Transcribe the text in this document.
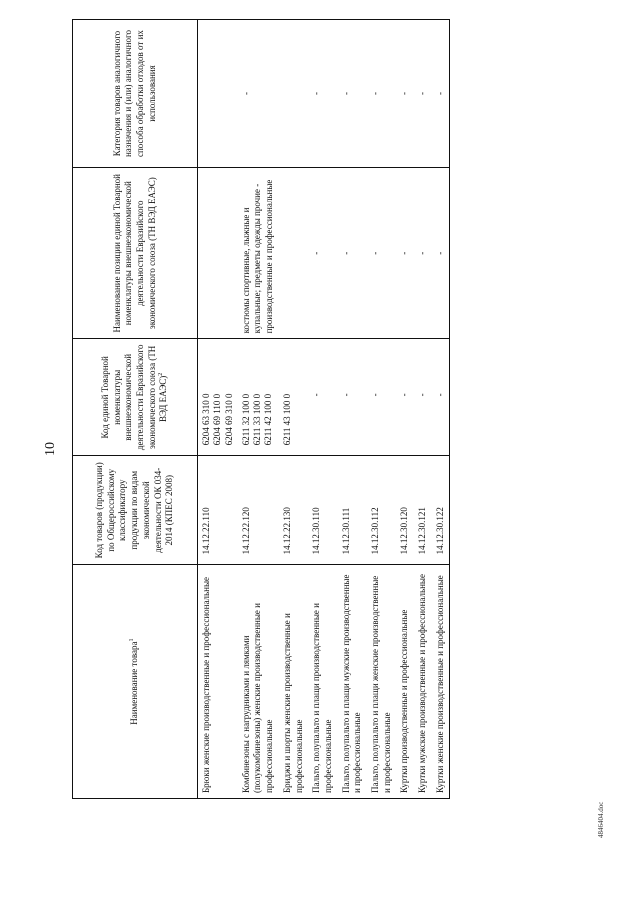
10
Наименование товара$^1$	Код товаров (продукции) по Общероссийскому классификатору продукции по видам экономической деятельности ОК 034-2014 (КПЕС 2008)	Код единой Товарной номенклатуры внешнеэкономической деятельности Евразийского экономического союза (ТН ВЭД ЕАЭС)$^2$	Наименование позиции единой Товарной номенклатуры внешнеэкономической деятельности Евразийского экономического союза (ТН ВЭД ЕАЭС)	Категория товаров аналогичного назначения и (или) аналогичного способа обработки отходов от их использования
Брюки женские производственные и профессиональные	14.12.22.110	6204 63 310 0 6204 69 110 0 6204 69 310 0		

Комбинезоны с нагрудниками и лямками (полукомбинезоны) женские производственные и профессиональные	14.12.22.120	6211 32 100 0 6211 33 100 0 6211 42 100 0	костюмы спортивные, лыжные и купальные; предметы одежды прочие - производственные и профессиональные	-
Бриджи и шорты женские производственные и профессиональные	14.12.22.130	6211 43 100 0		

Пальто, полупальто и плащи производственные и профессиональные	14.12.30.110	-	-	-
Пальто, полупальто и плащи мужские производственные и профессиональные	14.12.30.111	-	-	-
Пальто, полупальто и плащи женские производственные и профессиональные	14.12.30.112	-	-	-
Куртки производственные и профессиональные	14.12.30.120	-	-	-
Куртки мужские производственные и профессиональные	14.12.30.121	-	-	-
Куртки женские производственные и профессиональные	14.12.30.122	-	-	-
4846404.doc
